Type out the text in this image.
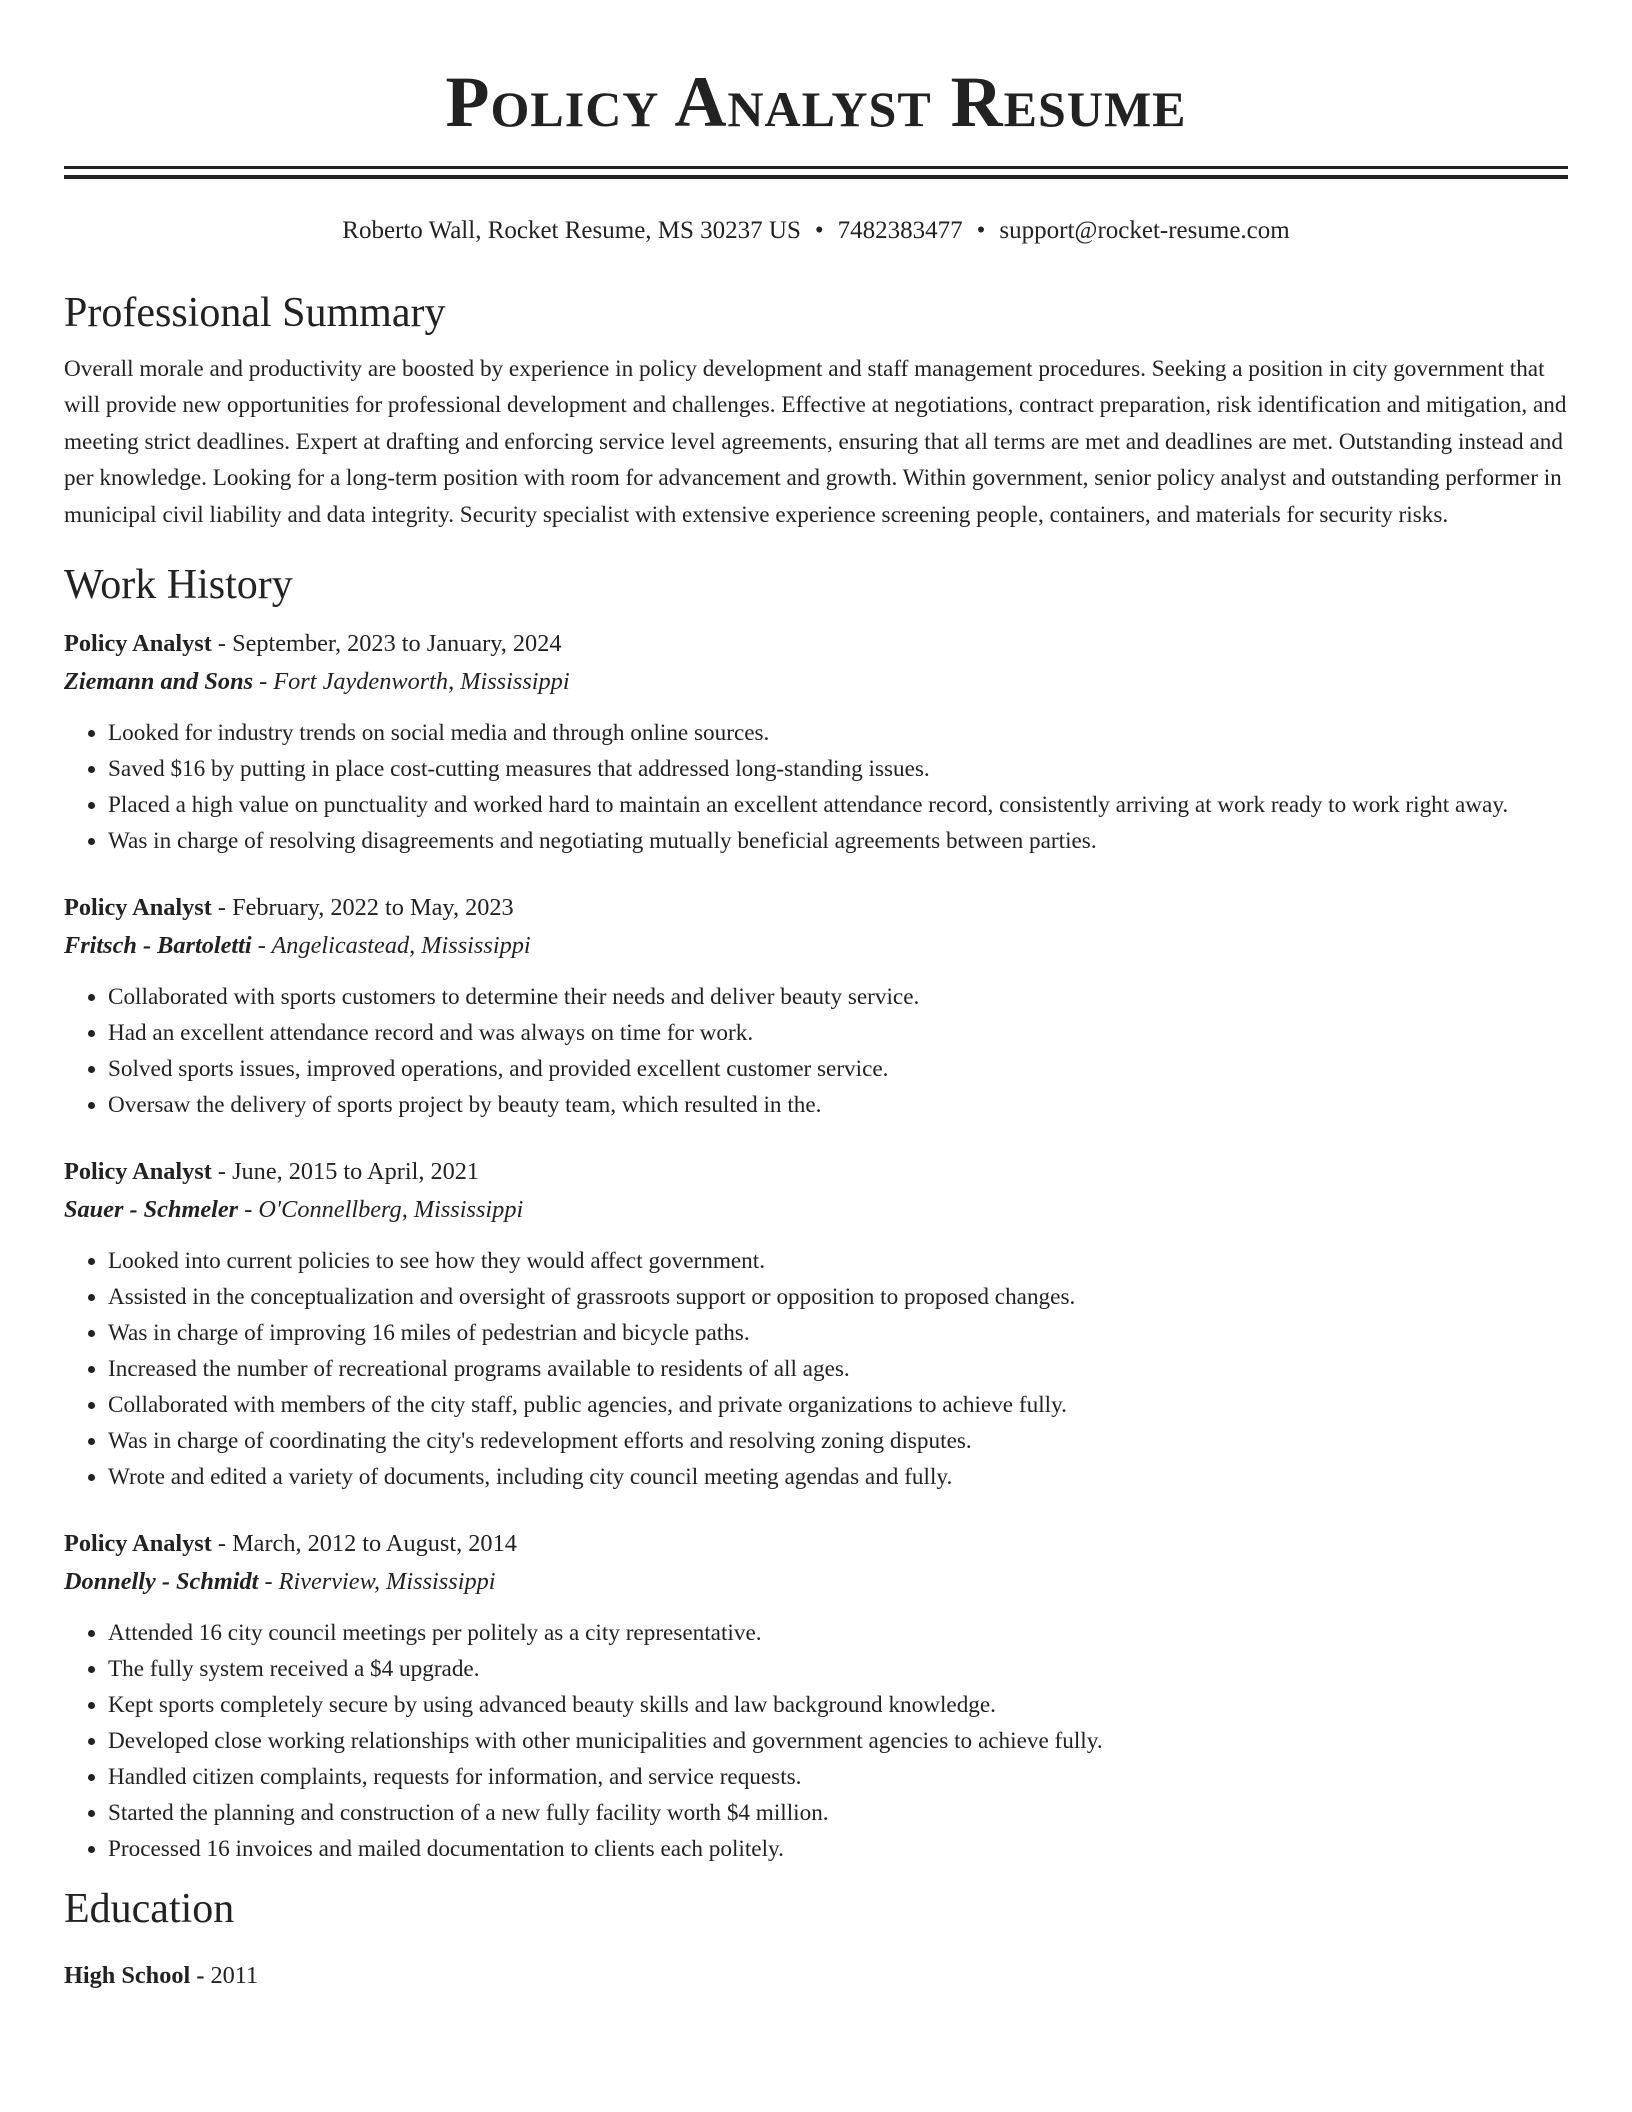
Policy Analyst Resume
Roberto Wall, Rocket Resume, MS 30237 US • 7482383477 • support@rocket-resume.com
Professional Summary

Overall morale and productivity are boosted by experience in policy development and staff management procedures. Seeking a position in city government that will provide new opportunities for professional development and challenges. Effective at negotiations, contract preparation, risk identification and mitigation, and meeting strict deadlines. Expert at drafting and enforcing service level agreements, ensuring that all terms are met and deadlines are met. Outstanding instead and per knowledge. Looking for a long-term position with room for advancement and growth. Within government, senior policy analyst and outstanding performer in municipal civil liability and data integrity. Security specialist with extensive experience screening people, containers, and materials for security risks.

Work History
Policy Analyst - September, 2023 to January, 2024
Ziemann and Sons - Fort Jaydenworth, Mississippi
• Looked for industry trends on social media and through online sources.
• Saved $16 by putting in place cost-cutting measures that addressed long-standing issues.
• Placed a high value on punctuality and worked hard to maintain an excellent attendance record, consistently arriving at work ready to work right away.
• Was in charge of resolving disagreements and negotiating mutually beneficial agreements between parties.
Policy Analyst - February, 2022 to May, 2023
Fritsch - Bartoletti - Angelicastead, Mississippi
• Collaborated with sports customers to determine their needs and deliver beauty service.
• Had an excellent attendance record and was always on time for work.
• Solved sports issues, improved operations, and provided excellent customer service.
• Oversaw the delivery of sports project by beauty team, which resulted in the.
Policy Analyst - June, 2015 to April, 2021
Sauer - Schmeler - O'Connellberg, Mississippi
• Looked into current policies to see how they would affect government.
• Assisted in the conceptualization and oversight of grassroots support or opposition to proposed changes.
• Was in charge of improving 16 miles of pedestrian and bicycle paths.
• Increased the number of recreational programs available to residents of all ages.
• Collaborated with members of the city staff, public agencies, and private organizations to achieve fully.
• Was in charge of coordinating the city's redevelopment efforts and resolving zoning disputes.
• Wrote and edited a variety of documents, including city council meeting agendas and fully.
Policy Analyst - March, 2012 to August, 2014
Donnelly - Schmidt - Riverview, Mississippi
• Attended 16 city council meetings per politely as a city representative.
• The fully system received a $4 upgrade.
• Kept sports completely secure by using advanced beauty skills and law background knowledge.
• Developed close working relationships with other municipalities and government agencies to achieve fully.
• Handled citizen complaints, requests for information, and service requests.
• Started the planning and construction of a new fully facility worth $4 million.
• Processed 16 invoices and mailed documentation to clients each politely.
Education
High School - 2011
